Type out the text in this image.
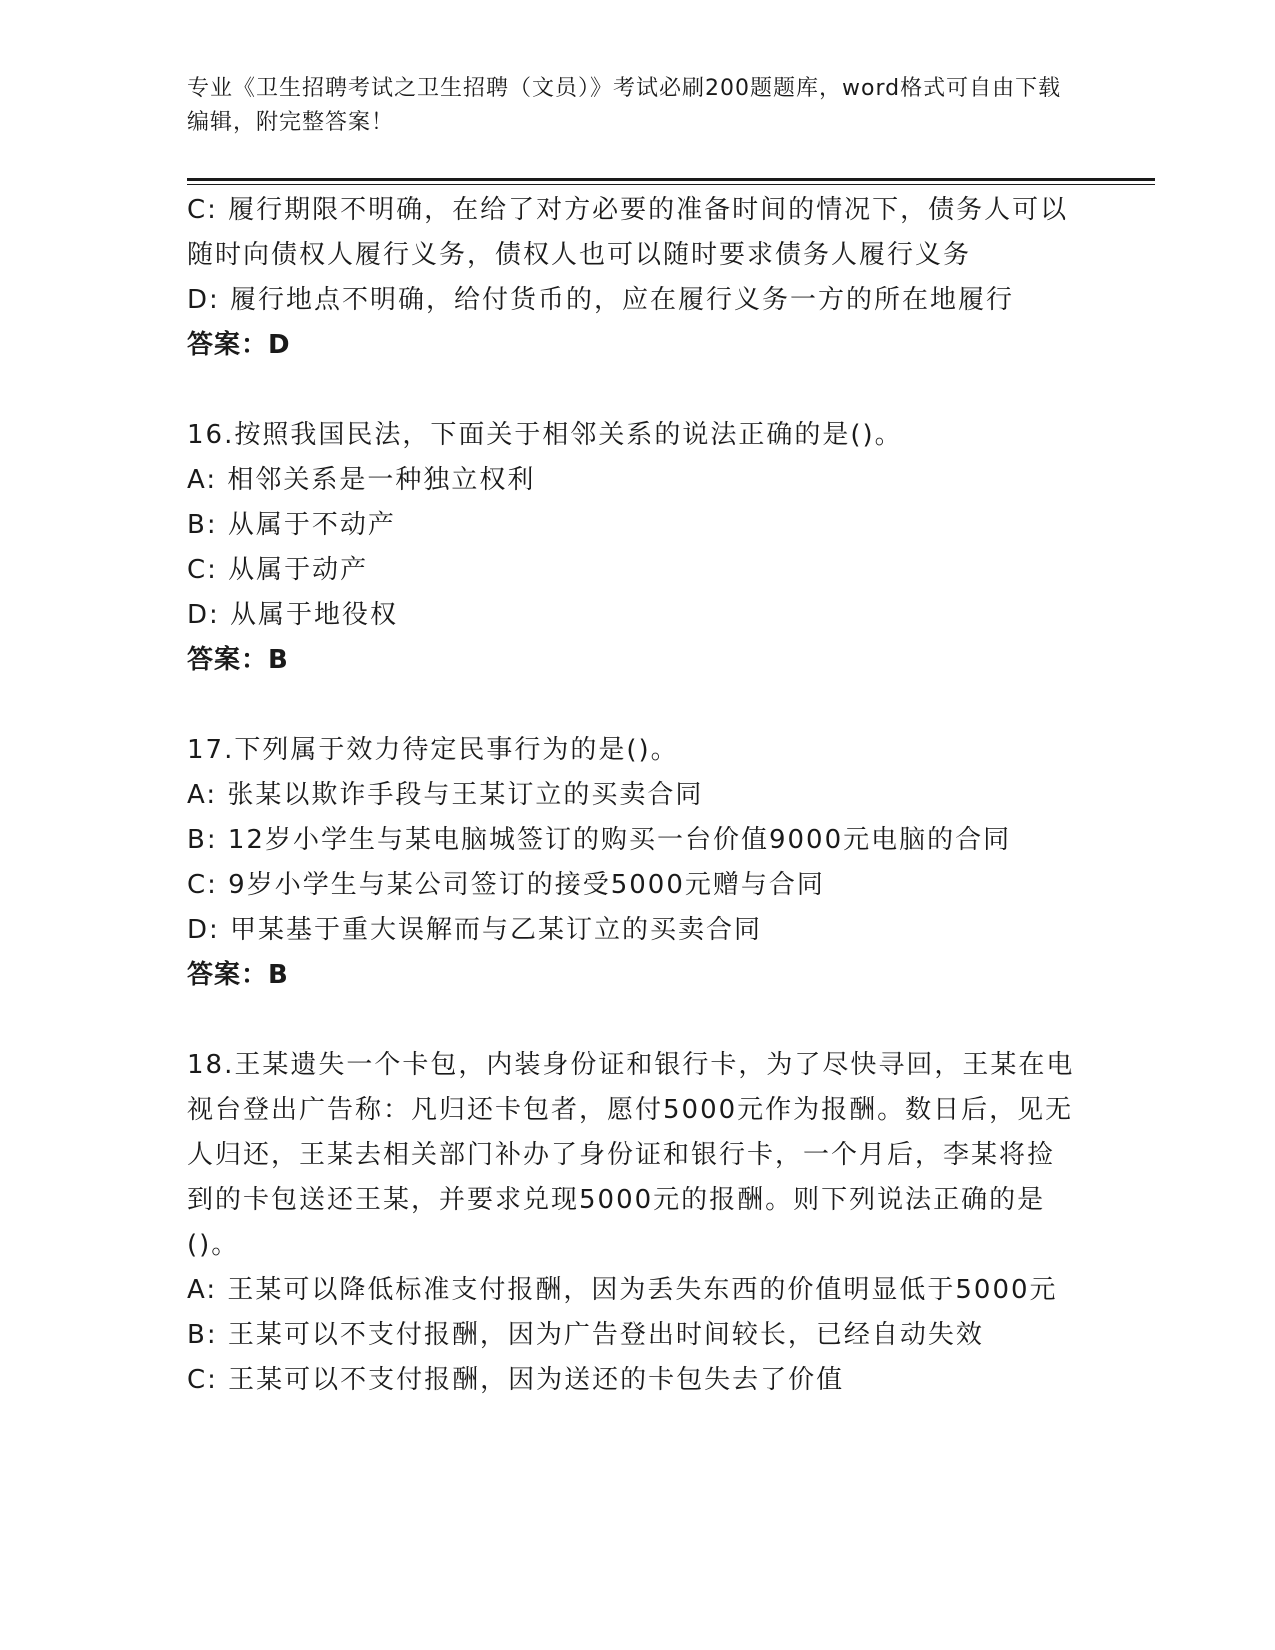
专业《卫生招聘考试之卫生招聘（文员）》考试必刷200题题库，word格式可自由下载编辑，附完整答案！
C: 履行期限不明确，在给了对方必要的准备时间的情况下，债务人可以随时向债权人履行义务，债权人也可以随时要求债务人履行义务
D: 履行地点不明确，给付货币的，应在履行义务一方的所在地履行
答案：D
16.按照我国民法，下面关于相邻关系的说法正确的是()。
A: 相邻关系是一种独立权利
B: 从属于不动产
C: 从属于动产
D: 从属于地役权
答案：B
17.下列属于效力待定民事行为的是()。
A: 张某以欺诈手段与王某订立的买卖合同
B: 12岁小学生与某电脑城签订的购买一台价值9000元电脑的合同
C: 9岁小学生与某公司签订的接受5000元赠与合同
D: 甲某基于重大误解而与乙某订立的买卖合同
答案：B
18.王某遗失一个卡包，内装身份证和银行卡，为了尽快寻回，王某在电视台登出广告称：凡归还卡包者，愿付5000元作为报酬。数日后，见无人归还，王某去相关部门补办了身份证和银行卡，一个月后，李某将捡到的卡包送还王某，并要求兑现5000元的报酬。则下列说法正确的是()。
A: 王某可以降低标准支付报酬，因为丢失东西的价值明显低于5000元
B: 王某可以不支付报酬，因为广告登出时间较长，已经自动失效
C: 王某可以不支付报酬，因为送还的卡包失去了价值
